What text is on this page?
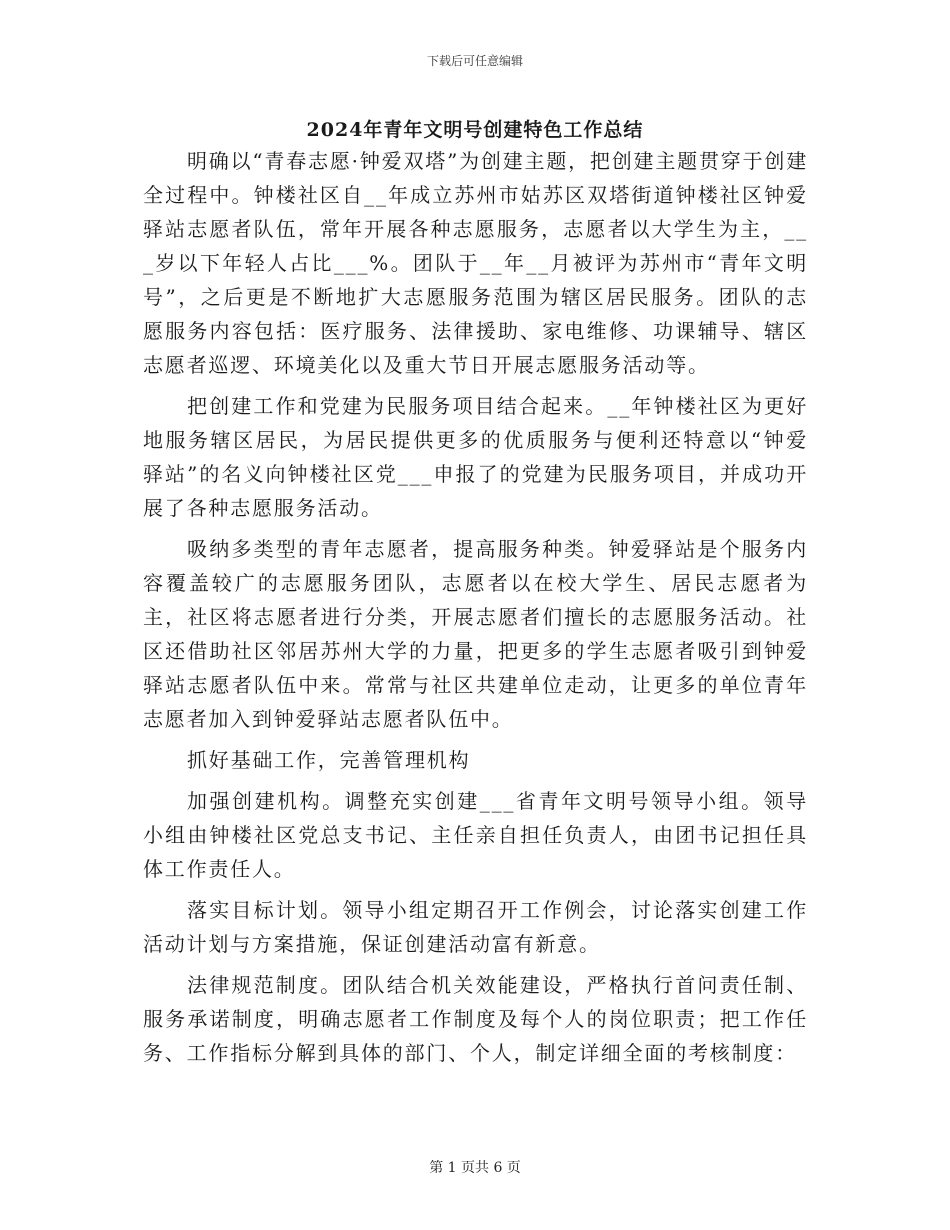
下载后可任意编辑
2024年青年文明号创建特色工作总结

明确以“青春志愿·钟爱双塔”为创建主题，把创建主题贯穿于创建全过程中。钟楼社区自__年成立苏州市姑苏区双塔街道钟楼社区钟爱驿站志愿者队伍，常年开展各种志愿服务，志愿者以大学生为主，___岁以下年轻人占比___%。团队于__年__月被评为苏州市“青年文明号”，之后更是不断地扩大志愿服务范围为辖区居民服务。团队的志愿服务内容包括：医疗服务、法律援助、家电维修、功课辅导、辖区志愿者巡逻、环境美化以及重大节日开展志愿服务活动等。

把创建工作和党建为民服务项目结合起来。__年钟楼社区为更好地服务辖区居民，为居民提供更多的优质服务与便利还特意以“钟爱驿站”的名义向钟楼社区党___申报了的党建为民服务项目，并成功开展了各种志愿服务活动。

吸纳多类型的青年志愿者，提高服务种类。钟爱驿站是个服务内容覆盖较广的志愿服务团队，志愿者以在校大学生、居民志愿者为主，社区将志愿者进行分类，开展志愿者们擅长的志愿服务活动。社区还借助社区邻居苏州大学的力量，把更多的学生志愿者吸引到钟爱驿站志愿者队伍中来。常常与社区共建单位走动，让更多的单位青年志愿者加入到钟爱驿站志愿者队伍中。

抓好基础工作，完善管理机构

加强创建机构。调整充实创建___省青年文明号领导小组。领导小组由钟楼社区党总支书记、主任亲自担任负责人，由团书记担任具体工作责任人。

落实目标计划。领导小组定期召开工作例会，讨论落实创建工作活动计划与方案措施，保证创建活动富有新意。

法律规范制度。团队结合机关效能建设，严格执行首问责任制、服务承诺制度，明确志愿者工作制度及每个人的岗位职责；把工作任务、工作指标分解到具体的部门、个人，制定详细全面的考核制度：

第 1 页共 6 页
